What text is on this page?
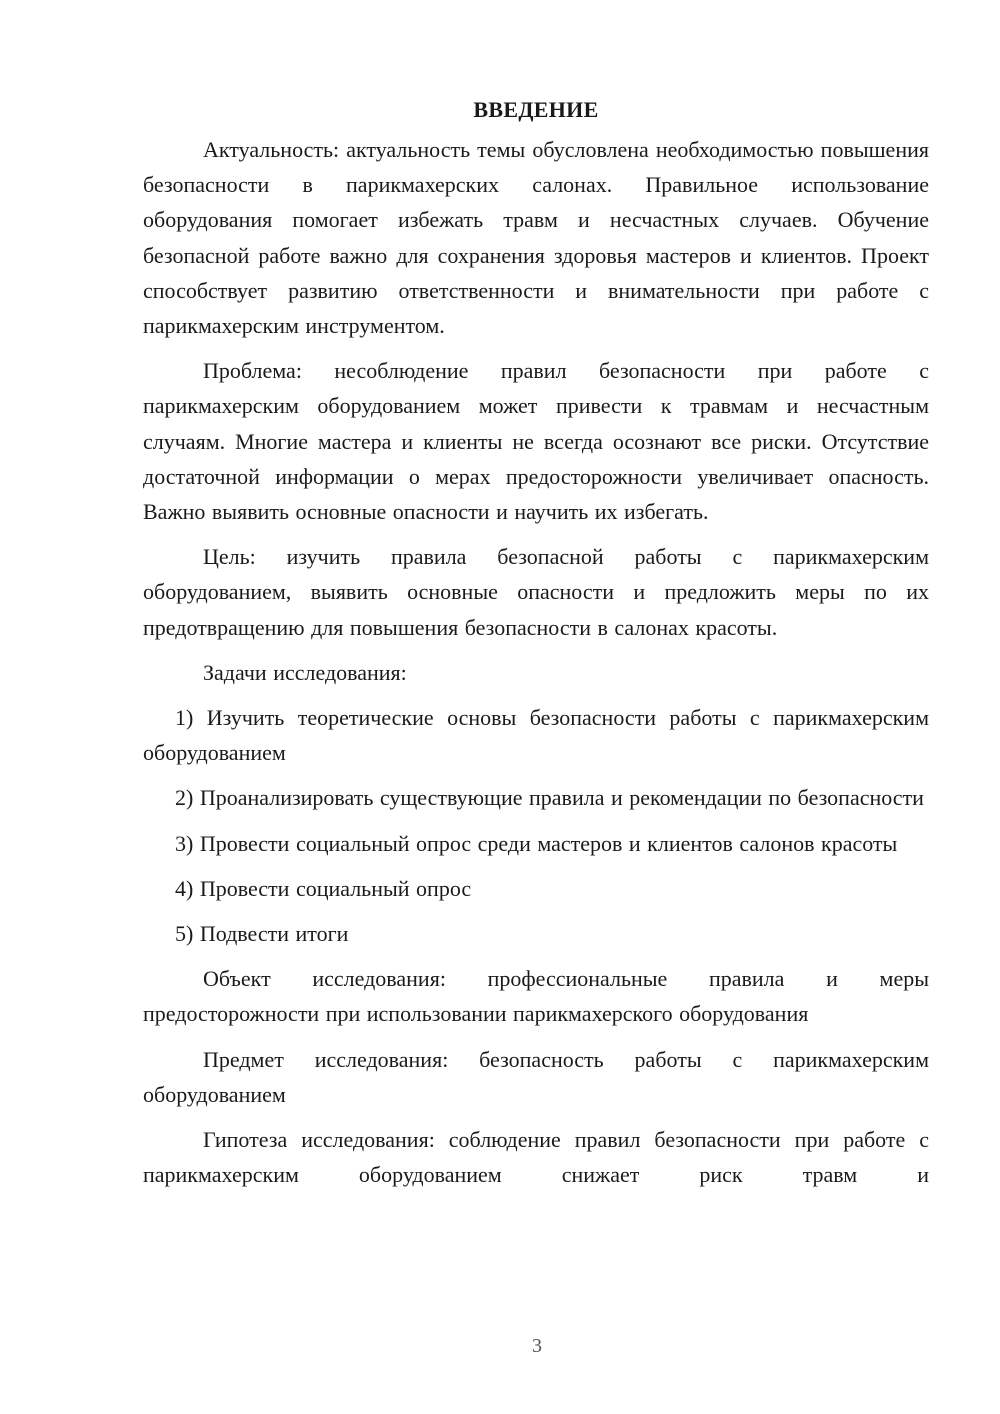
ВВЕДЕНИЕ

Актуальность: актуальность темы обусловлена необходимостью повышения безопасности в парикмахерских салонах. Правильное использование оборудования помогает избежать травм и несчастных случаев. Обучение безопасной работе важно для сохранения здоровья мастеров и клиентов. Проект способствует развитию ответственности и внимательности при работе с парикмахерским инструментом.

Проблема: несоблюдение правил безопасности при работе с парикмахерским оборудованием может привести к травмам и несчастным случаям. Многие мастера и клиенты не всегда осознают все риски. Отсутствие достаточной информации о мерах предосторожности увеличивает опасность. Важно выявить основные опасности и научить их избегать.

Цель: изучить правила безопасной работы с парикмахерским оборудованием, выявить основные опасности и предложить меры по их предотвращению для повышения безопасности в салонах красоты.

Задачи исследования:

1) Изучить теоретические основы безопасности работы с парикмахерским оборудованием

2) Проанализировать существующие правила и рекомендации по безопасности

3) Провести социальный опрос среди мастеров и клиентов салонов красоты

4) Провести социальный опрос

5) Подвести итоги

Объект исследования: профессиональные правила и меры предосторожности при использовании парикмахерского оборудования

Предмет исследования: безопасность работы с парикмахерским оборудованием

Гипотеза исследования: соблюдение правил безопасности при работе с парикмахерским оборудованием снижает риск травм и

3
